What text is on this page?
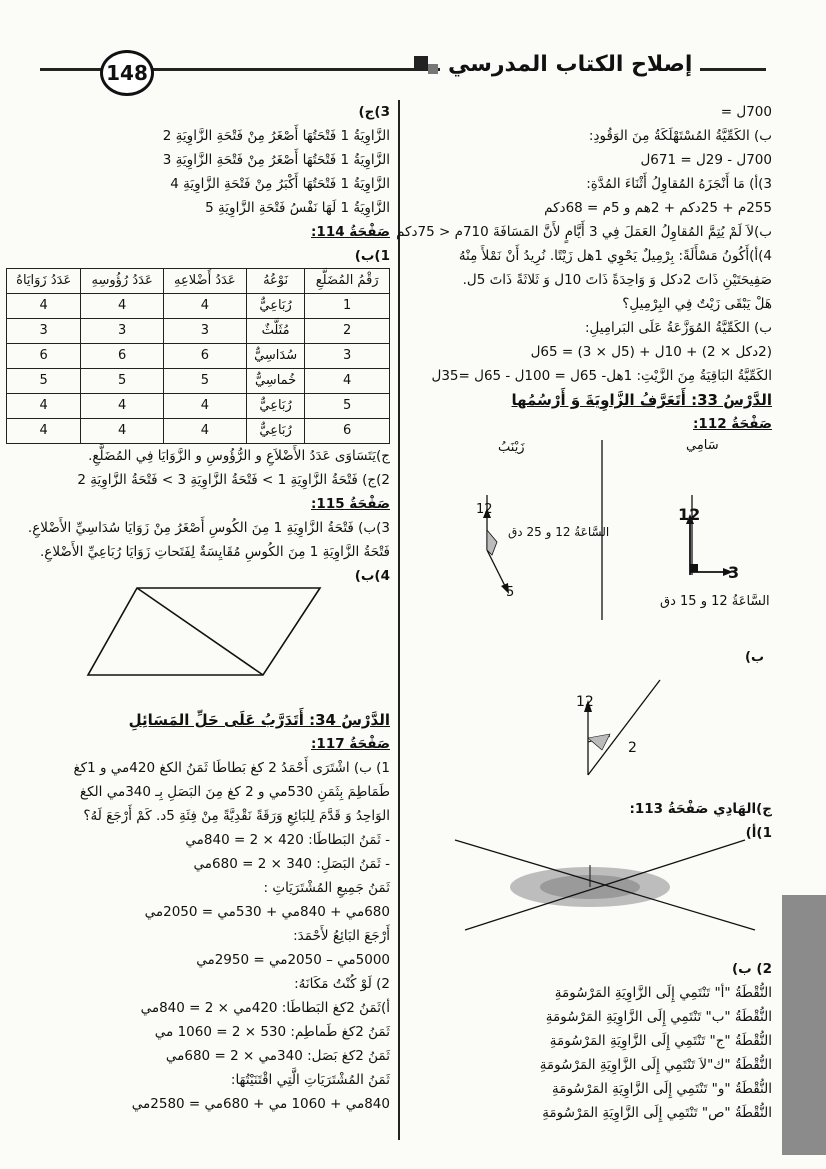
إصلاح الكتاب المدرسي
148
700ل =
ب) الكَمِّيَّةُ المُسْتَهْلَكَةُ مِنَ الوَقُودِ:
700ل - 29ل = 671ل
3)أ) مَا أَنْجَزَهُ المُقاوِلُ أَثْنَاءَ المُدَّةِ:
255م + 25دكم + 2هم و 5م = 68دكم
ب)لاَ لَمْ يُتِمَّ المُقاوِلُ العَمَلَ فِي 3 أَيَّامٍ لأَنَّ المَسَافَةَ 710م < 75دكم
4)أ)أَكُونُ مَسْأَلَةً: بِرْمِيلٌ يَحْوِي 1هل زَيْتًا. نُرِيدُ أَنْ نَمْلأَ مِنْهُ
صَفِيحَتَيْنِ ذَاتَ 2دكل وَ وَاحِدَةً ذَاتَ 10ل وَ ثَلاثَةً ذَاتَ 5ل.
هَلْ يَبْقَى زَيْتٌ فِي البِرْمِيلِ؟
ب) الكَمِّيَّةُ المُوَزَّعَةُ عَلَى البَرامِيلِ:
(2دكل × 2) + 10ل + (5ل × 3) = 65ل
الكَمِّيَّةُ البَاقِيَةُ مِنَ الزَّيْتِ: 1هل- 65ل = 100ل - 65ل =35ل
الدَّرْسُ 33: أَتَعَرَّفُ الزَّاوِيَةَ وَ أَرْسُمُها
صَفْحَةُ 112:
سَامِي
زَيْنَبُ
12
3
12
5
السَّاعَةُ 12 و 15 دق
السَّاعَةُ 12 و 25 دق
ب)
12
2
ج)الهَادِي صَفْحَةُ 113:
1)أ)
2) ب)
النُّقْطَةُ "أ" تَنْتَمِي إِلَى الزَّاوِيَةِ المَرْسُومَةِ
النُّقْطَةُ "ب" تَنْتَمِي إِلَى الزَّاوِيَةِ المَرْسُومَةِ
النُّقْطَةُ "ج" تَنْتَمِي إِلَى الزَّاوِيَةِ المَرْسُومَةِ
النُّقْطَةُ "ك"لاَ تَنْتَمِي إِلَى الزَّاوِيَةِ المَرْسُومَةِ
النُّقْطَةُ "و" تَنْتَمِي إِلَى الزَّاوِيَةِ المَرْسُومَةِ
النُّقْطَةُ "ص" تَنْتَمِي إِلَى الزَّاوِيَةِ المَرْسُومَةِ
3)ج)
الزَّاوِيَةُ 1 فَتْحَتُهَا أَصْغَرُ مِنْ فَتْحَةِ الزَّاوِيَةِ 2
الزَّاوِيَةُ 1 فَتْحَتُهَا أَصْغَرُ مِنْ فَتْحَةِ الزَّاوِيَةِ 3
الزَّاوِيَةُ 1 فَتْحَتُهَا أَكْبَرُ مِنْ فَتْحَةِ الزَّاوِيَةِ 4
الزَّاوِيَةُ 1 لَهَا نَفْسُ فَتْحَةِ الزَّاوِيَةِ 5
صَفْحَةُ 114:
1)ب)
رَقْمُ المُضَلَّعِ	نَوْعُهُ	عَدَدُ أَضْلاعِهِ	عَدَدُ رُؤُوسِهِ	عَدَدُ زَوَايَاهُ
1	رُبَاعِيٌّ	4	4	4
2	مُثَلَّثٌ	3	3	3
3	سُدَاسِيٌّ	6	6	6
4	خُماسِيٌّ	5	5	5
5	رُبَاعِيٌّ	4	4	4
6	رُبَاعِيٌّ	4	4	4
ج)يَتَسَاوَى عَدَدُ الأَضْلاَعِ و الرُّؤُوسِ و الزَّوَايَا فِي المُضَلَّعِ.
2)ج) فَتْحَةُ الزَّاوِيَةِ 1 > فَتْحَةُ الزَّاوِيَةِ 3 > فَتْحَةُ الزَّاوِيَةِ 2
صَفْحَةُ 115:
3)ب) فَتْحَةُ الزَّاوِيَةِ 1 مِنَ الكُوسِ أَصْغَرُ مِنْ زَوَايَا سُدَاسِيِّ الأَضْلاعِ.
فَتْحَةُ الزَّاوِيَةِ 1 مِنَ الكُوسِ مُقَايِسَةٌ لِفَتَحاتِ زَوَايَا رُبَاعِيِّ الأَضْلاعِ.
4)ب)
الدَّرْسُ 34: أَتَدَرَّبُ عَلَى حَلِّ المَسَائِلِ
صَفْحَةُ 117:
1) ب) اشْتَرَى أَحْمَدُ 2 كغ بَطاطَا ثَمَنُ الكغ 420مي و 1كغ
طَمَاطِمَ بِثَمَنِ 530مي و 2 كغ مِنَ البَصَلِ بِـ 340مي الكغ
الوَاحِدُ وَ قَدَّمَ لِلبَائِعِ وَرَقَةً نَقْدِيَّةً مِنْ فِئَةِ 5د. كَمْ أَرْجَعَ لَهُ؟
- ثَمَنُ البَطاطَا: 420 × 2 = 840مي
- ثَمَنُ البَصَلِ: 340 × 2 = 680مي
ثَمَنُ جَمِيعِ المُشْتَرَيَاتِ :
680مي + 840مي + 530مي = 2050مي
أَرْجَعَ البَائِعُ لأَحْمَدَ:
5000مي – 2050مي = 2950مي
2) لَوْ كُنْتُ مَكَانَهُ:
أ)ثَمَنُ 2كغ البَطاطَا: 420مي × 2 = 840مي
ثَمَنُ 2كغ طَماطِم: 530 × 2 = 1060 مي
ثَمَنُ 2كغ بَصَل: 340مي × 2 = 680مي
ثَمَنُ المُشْتَرَيَاتِ الَّتِي اقْتَنَيْتُهَا:
840مي + 1060 مي + 680مي = 2580مي
